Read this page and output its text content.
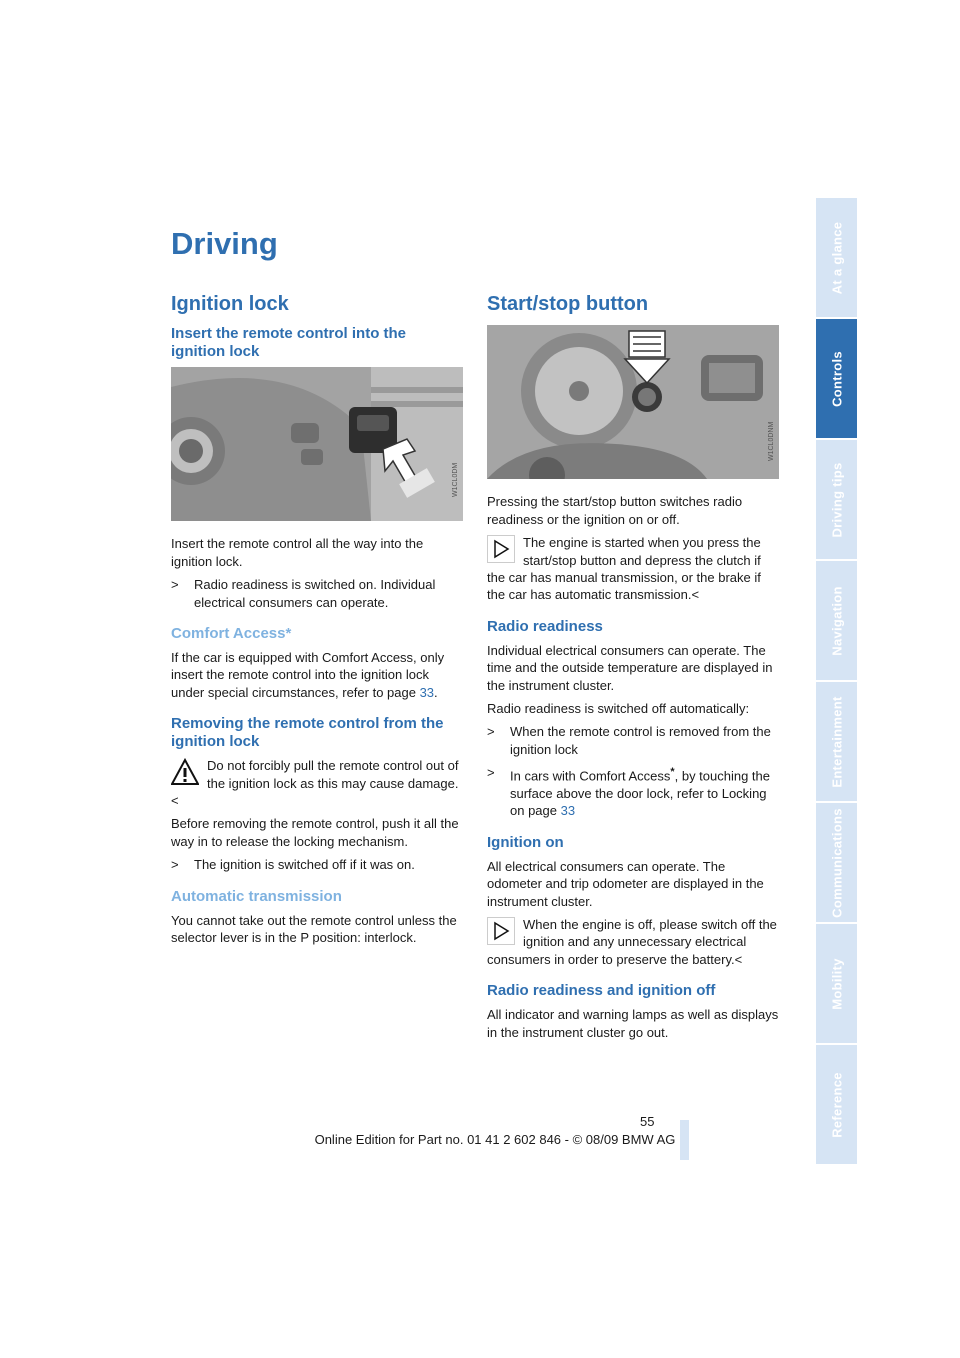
Driving
Ignition lock
Insert the remote control into the ignition lock
W1CL0DM

Insert the remote control all the way into the ignition lock.

>	Radio readiness is switched on. Individual electrical consumers can operate.
Comfort Access*

If the car is equipped with Comfort Access, only insert the remote control into the ignition lock under special circumstances, refer to page 33.

Removing the remote control from the ignition lock
Do not forcibly pull the remote control out of the ignition lock as this may cause damage.<

Before removing the remote control, push it all the way in to release the locking mechanism.

>	The ignition is switched off if it was on.
Automatic transmission

You cannot take out the remote control unless the selector lever is in the P position: interlock.

Start/stop button
W1CL0DNM

Pressing the start/stop button switches radio readiness or the ignition on or off.

The engine is started when you press the start/stop button and depress the clutch if the car has manual transmission, or the brake if the car has automatic transmission.<
Radio readiness

Individual electrical consumers can operate. The time and the outside temperature are displayed in the instrument cluster.

Radio readiness is switched off automatically:

>	When the remote control is removed from the ignition lock
>	In cars with Comfort Access*, by touching the surface above the door lock, refer to Locking on page 33
Ignition on

All electrical consumers can operate. The odometer and trip odometer are displayed in the instrument cluster.

When the engine is off, please switch off the ignition and any unnecessary electrical consumers in order to preserve the battery.<
Radio readiness and ignition off

All indicator and warning lamps as well as displays in the instrument cluster go out.

At a glance
Controls
Driving tips
Navigation
Entertainment
Communications
Mobility
Reference
55
Online Edition for Part no. 01 41 2 602 846 - © 08/09 BMW AG
